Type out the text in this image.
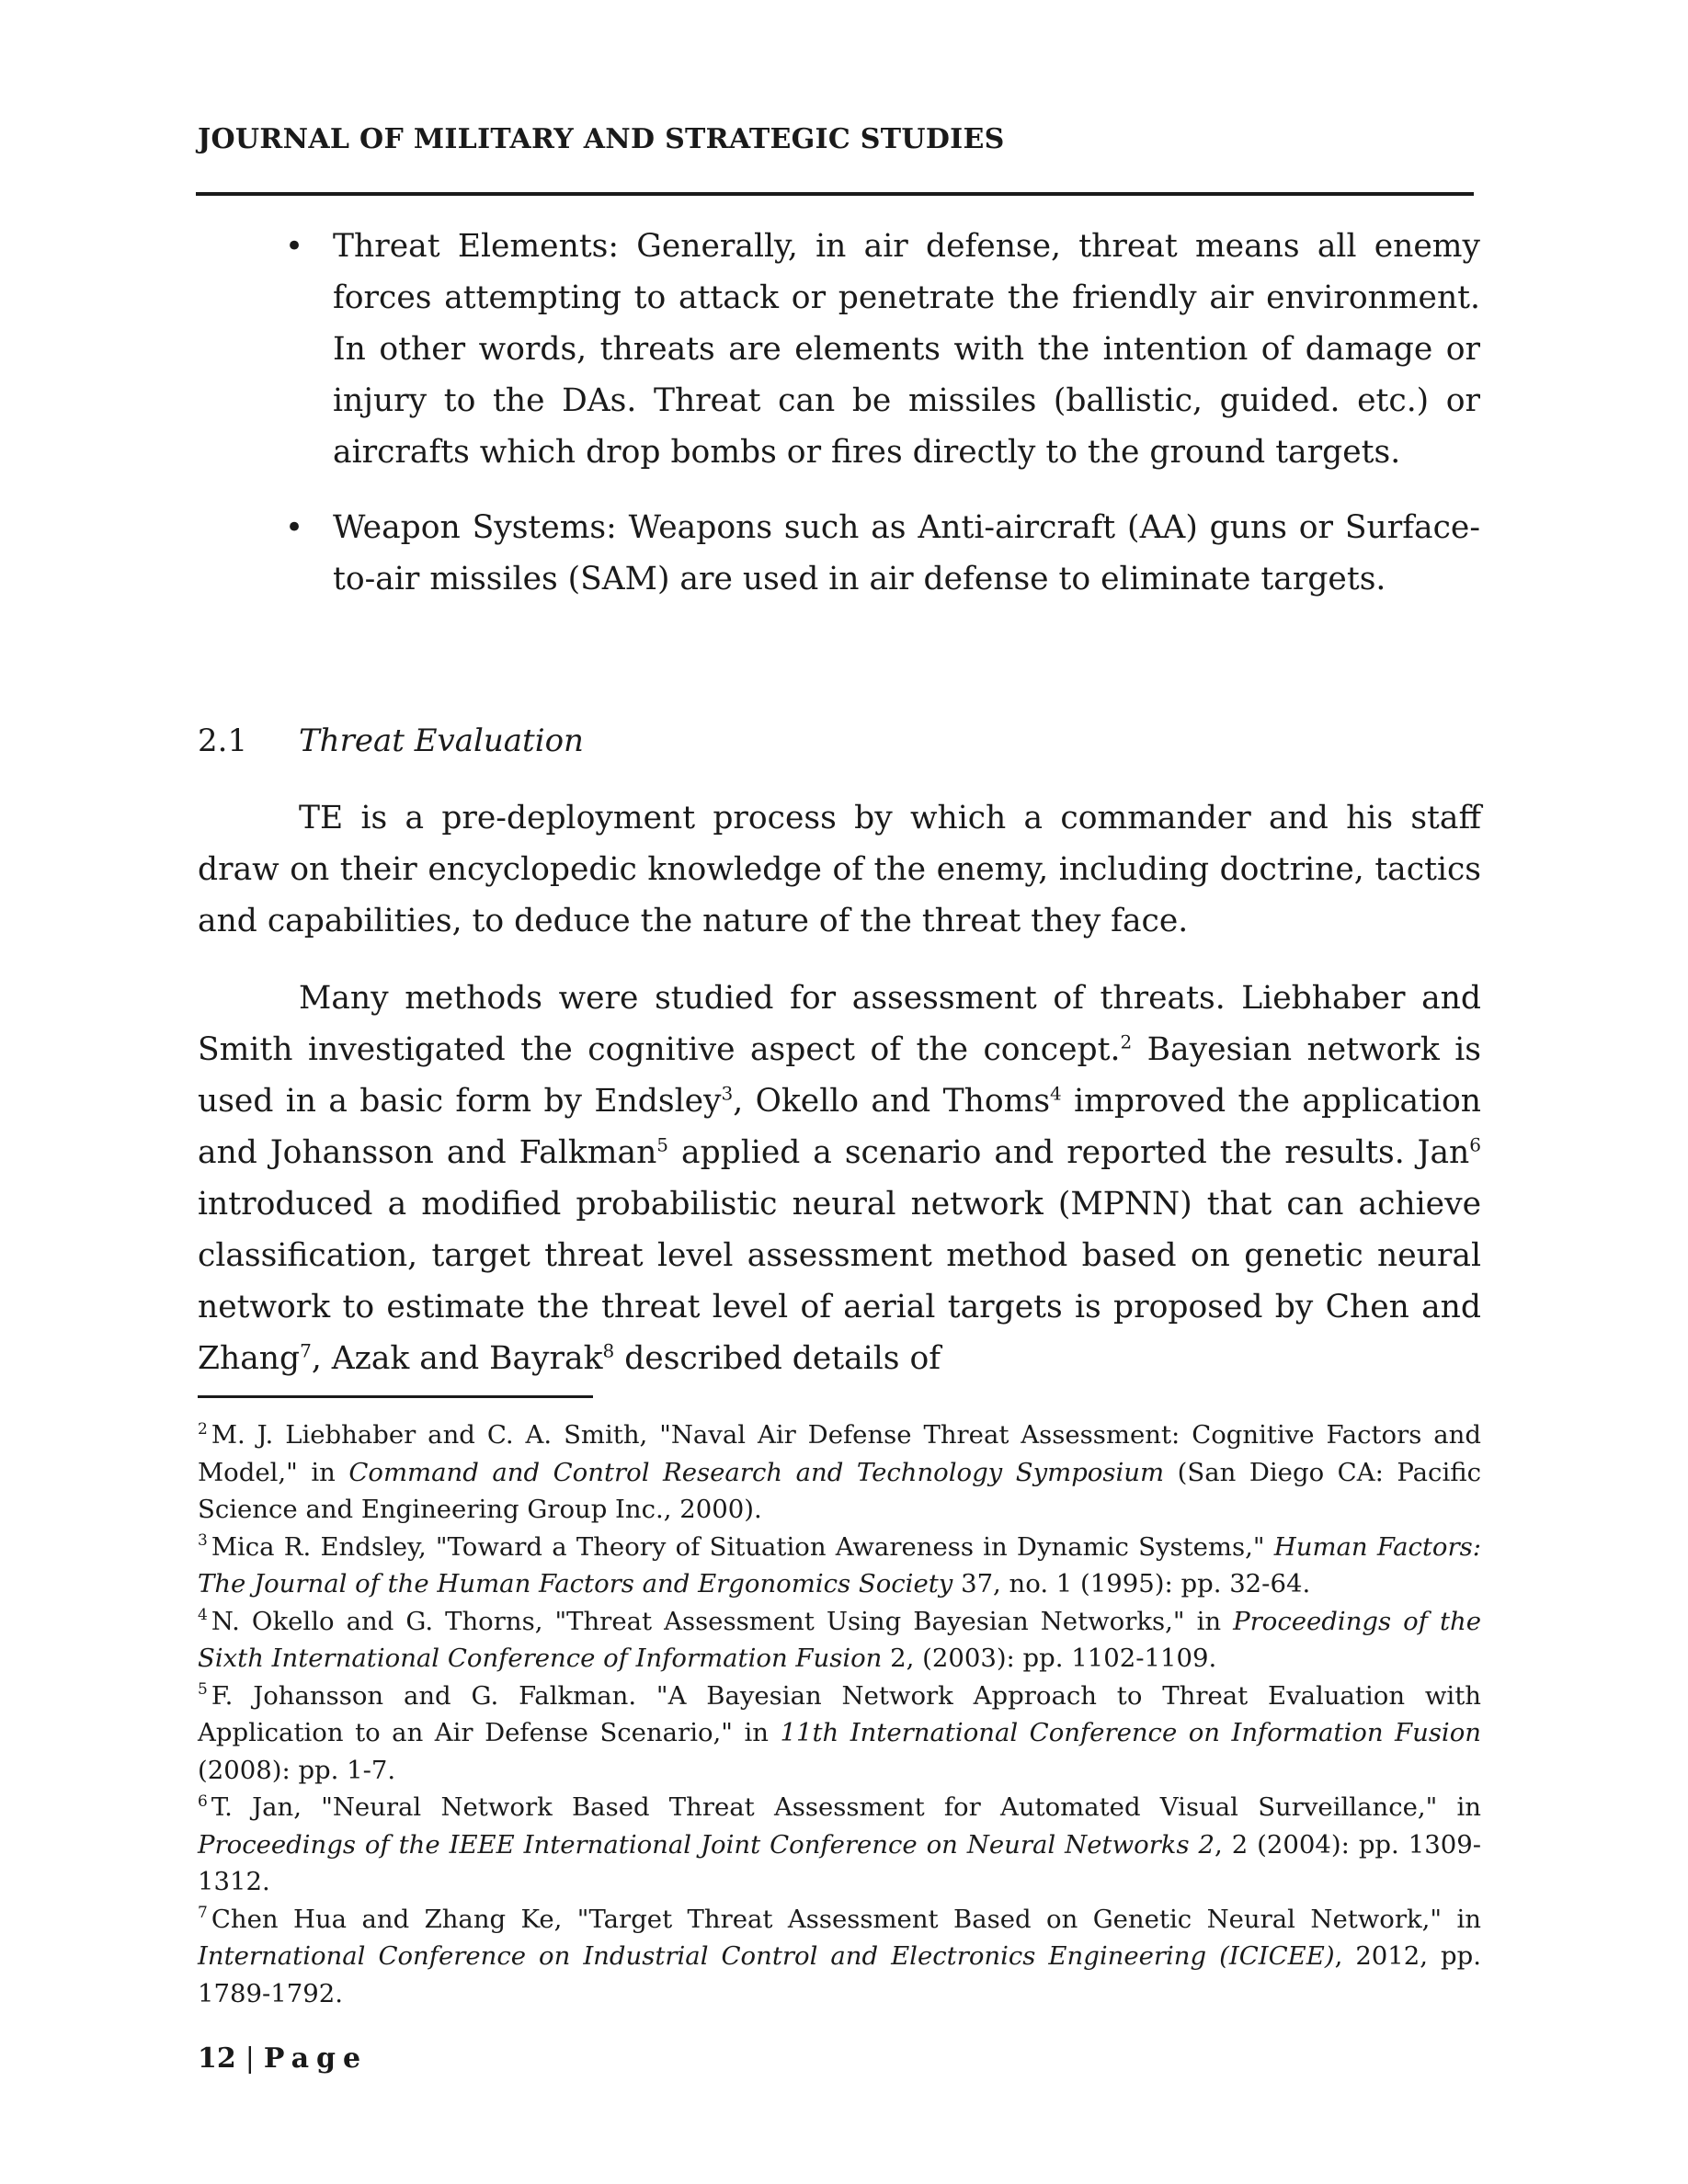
JOURNAL OF MILITARY AND STRATEGIC STUDIES
• Threat Elements: Generally, in air defense, threat means all enemy forces attempting to attack or penetrate the friendly air environment. In other words, threats are elements with the intention of damage or injury to the DAs. Threat can be missiles (ballistic, guided. etc.) or aircrafts which drop bombs or fires directly to the ground targets.

• Weapon Systems: Weapons such as Anti-aircraft (AA) guns or Surface-to-air missiles (SAM) are used in air defense to eliminate targets.

2.1 Threat Evaluation

TE is a pre-deployment process by which a commander and his staff draw on their encyclopedic knowledge of the enemy, including doctrine, tactics and capabilities, to deduce the nature of the threat they face.

Many methods were studied for assessment of threats. Liebhaber and Smith investigated the cognitive aspect of the concept.$^2$ Bayesian network is used in a basic form by Endsley$^3$, Okello and Thoms$^4$ improved the application and Johansson and Falkman$^5$ applied a scenario and reported the results. Jan$^6$ introduced a modified probabilistic neural network (MPNN) that can achieve classification, target threat level assessment method based on genetic neural network to estimate the threat level of aerial targets is proposed by Chen and Zhang$^7$, Azak and Bayrak$^8$ described details of

$^2$ M. J. Liebhaber and C. A. Smith, "Naval Air Defense Threat Assessment: Cognitive Factors and Model," in Command and Control Research and Technology Symposium (San Diego CA: Pacific Science and Engineering Group Inc., 2000).

$^3$ Mica R. Endsley, "Toward a Theory of Situation Awareness in Dynamic Systems," Human Factors: The Journal of the Human Factors and Ergonomics Society 37, no. 1 (1995): pp. 32-64.

$^4$ N. Okello and G. Thorns, "Threat Assessment Using Bayesian Networks," in Proceedings of the Sixth International Conference of Information Fusion 2, (2003): pp. 1102-1109.

$^5$ F. Johansson and G. Falkman. "A Bayesian Network Approach to Threat Evaluation with Application to an Air Defense Scenario," in 11th International Conference on Information Fusion (2008): pp. 1-7.

$^6$ T. Jan, "Neural Network Based Threat Assessment for Automated Visual Surveillance," in Proceedings of the IEEE International Joint Conference on Neural Networks 2, 2 (2004): pp. 1309-1312.

$^7$ Chen Hua and Zhang Ke, "Target Threat Assessment Based on Genetic Neural Network," in International Conference on Industrial Control and Electronics Engineering (ICICEE), 2012, pp. 1789-1792.

12 | Page
